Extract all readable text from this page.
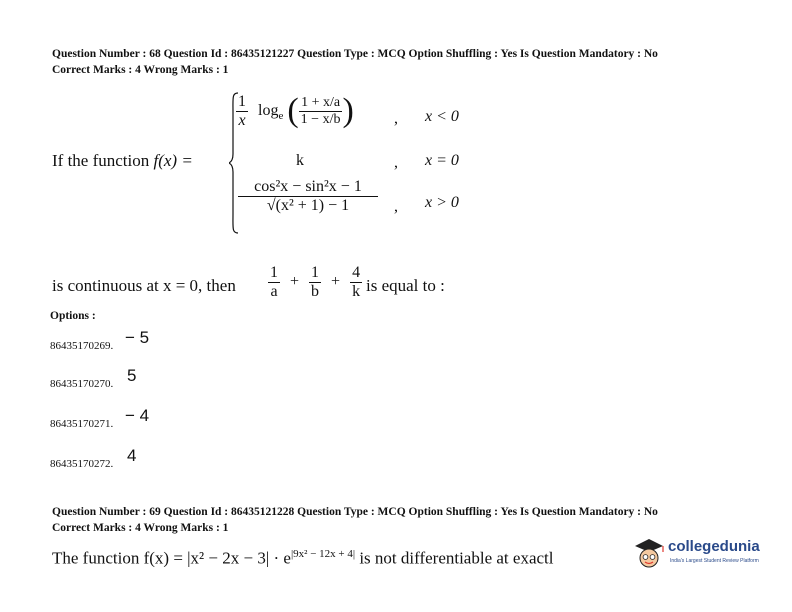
Question Number : 68 Question Id : 86435121227 Question Type : MCQ Option Shuffling : Yes Is Question Mandatory : No
Correct Marks : 4 Wrong Marks : 1
If the function f(x) =
$\frac{1}{x} \log_e$ ( $\frac{1 + x/a}{1 - x/b}$ )	, x < 0
k	, x = 0
$\frac{\text{cos²x − sin²x − 1}}{\text{√(x² + 1) − 1}}$ , x > 0
is continuous at x = 0, then $\frac{1}{a} + \frac{1}{b} + \frac{4}{k}$ is equal to :
Options :
86435170269. − 5
86435170270. 5
86435170271. − 4
86435170272. 4
Question Number : 69 Question Id : 86435121228 Question Type : MCQ Option Shuffling : Yes Is Question Mandatory : No
Correct Marks : 4 Wrong Marks : 1
The function $f(x) = |x^2 - 2x - 3| \cdot e^{|9x^2 - 12x + 4|}$ is not differentiable at exactl
collegedunia
India's Largest Student Review Platform
